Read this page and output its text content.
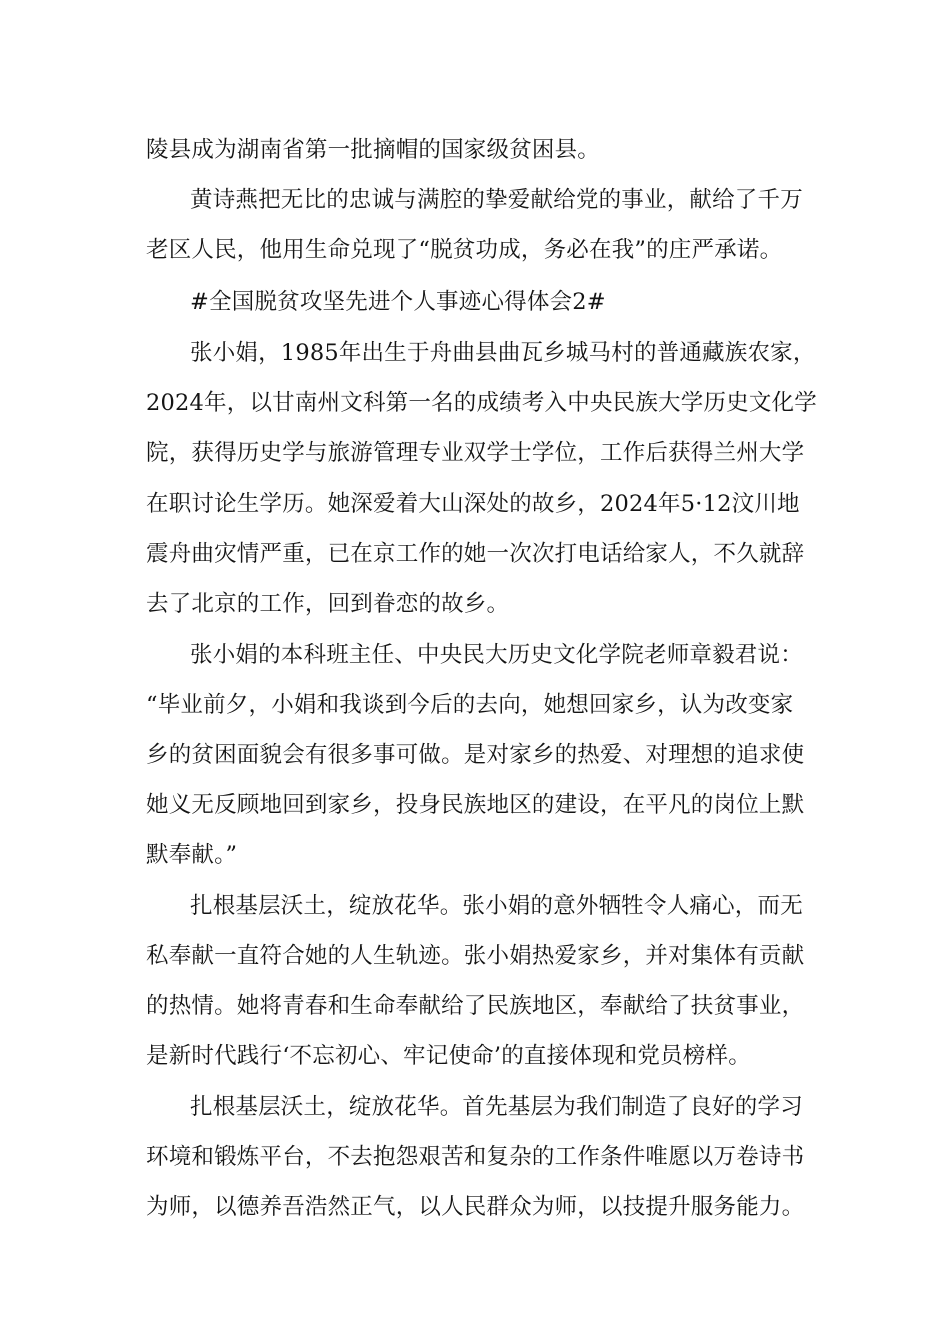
陵县成为湖南省第一批摘帽的国家级贫困县。
黄诗燕把无比的忠诚与满腔的挚爱献给党的事业，献给了千万
老区人民，他用生命兑现了“脱贫功成，务必在我”的庄严承诺。
#全国脱贫攻坚先进个人事迹心得体会2#
张小娟，1985年出生于舟曲县曲瓦乡城马村的普通藏族农家，
2024年，以甘南州文科第一名的成绩考入中央民族大学历史文化学
院，获得历史学与旅游管理专业双学士学位，工作后获得兰州大学
在职讨论生学历。她深爱着大山深处的故乡，2024年5·12汶川地
震舟曲灾情严重，已在京工作的她一次次打电话给家人，不久就辞
去了北京的工作，回到眷恋的故乡。
张小娟的本科班主任、中央民大历史文化学院老师章毅君说：
“毕业前夕，小娟和我谈到今后的去向，她想回家乡，认为改变家
乡的贫困面貌会有很多事可做。是对家乡的热爱、对理想的追求使
她义无反顾地回到家乡，投身民族地区的建设，在平凡的岗位上默
默奉献。”
扎根基层沃土，绽放花华。张小娟的意外牺牲令人痛心，而无
私奉献一直符合她的人生轨迹。张小娟热爱家乡，并对集体有贡献
的热情。她将青春和生命奉献给了民族地区，奉献给了扶贫事业，
是新时代践行‘不忘初心、牢记使命’的直接体现和党员榜样。
扎根基层沃土，绽放花华。首先基层为我们制造了良好的学习
环境和锻炼平台，不去抱怨艰苦和复杂的工作条件唯愿以万卷诗书
为师，以德养吾浩然正气，以人民群众为师，以技提升服务能力。
